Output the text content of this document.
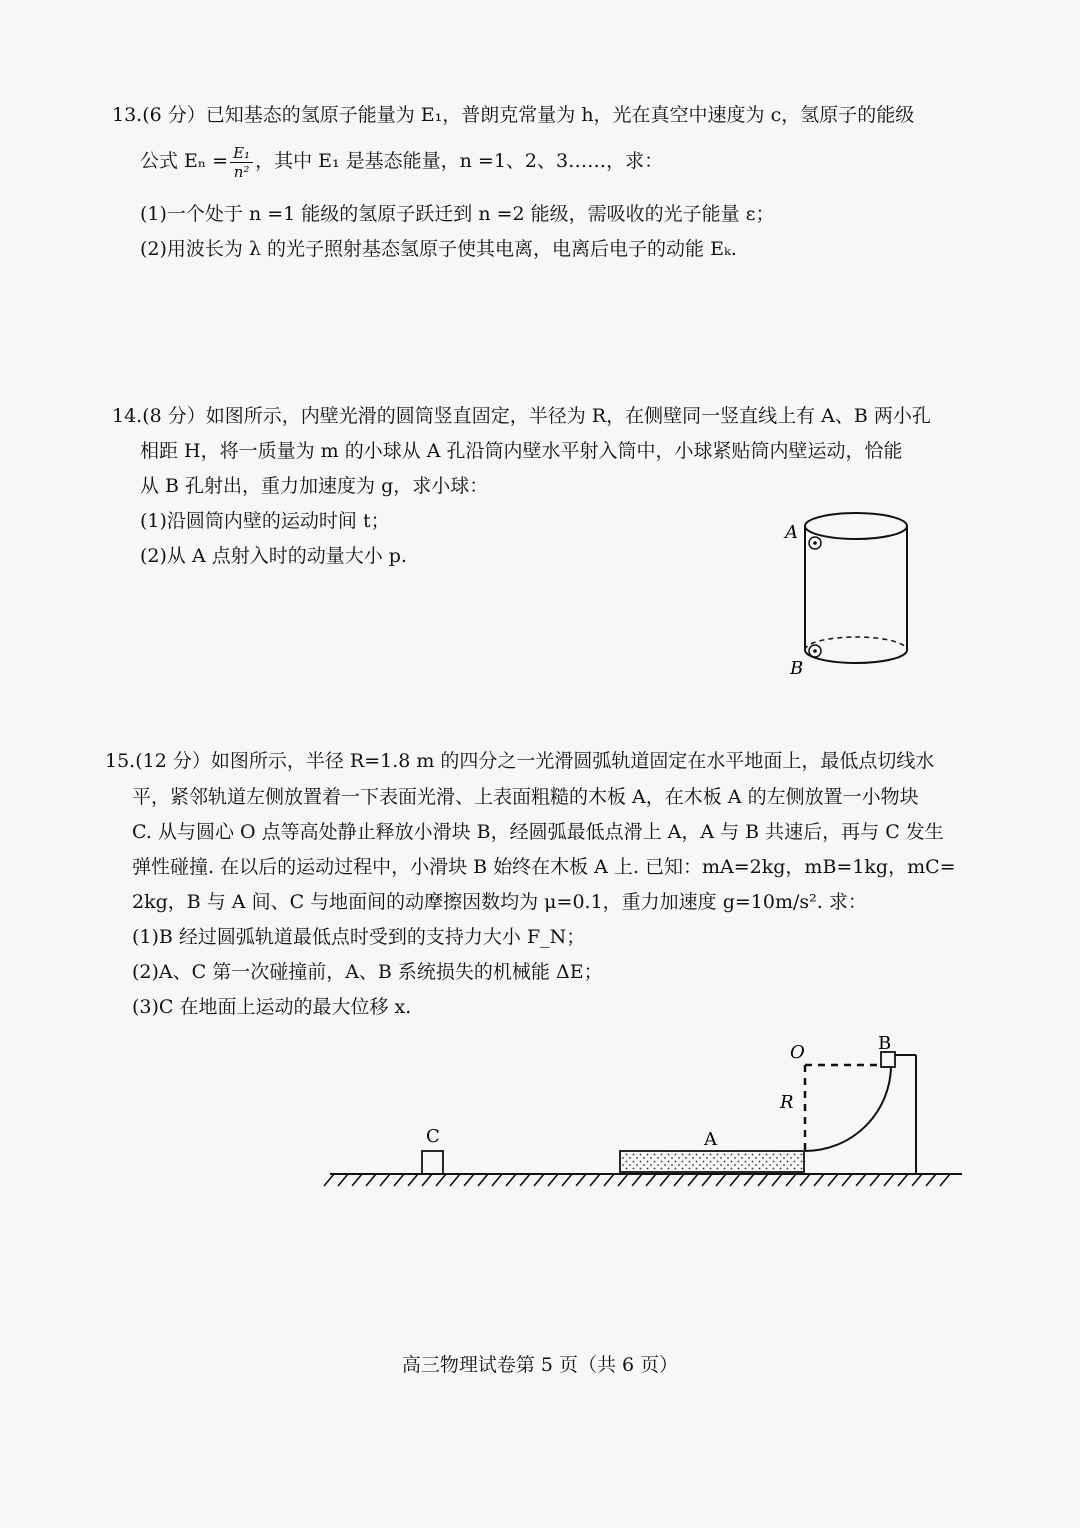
13.(6 分）已知基态的氢原子能量为 E₁，普朗克常量为 h，光在真空中速度为 c，氢原子的能级
公式 $E_n = \frac{\text{E₁}}{\text{n²}}$ ，其中 E₁ 是基态能量，n =1、2、3……，求：
(1)一个处于 n =1 能级的氢原子跃迁到 n =2 能级，需吸收的光子能量 ε；
(2)用波长为 λ 的光子照射基态氢原子使其电离，电离后电子的动能 Eₖ.
14.(8 分）如图所示，内壁光滑的圆筒竖直固定，半径为 R，在侧壁同一竖直线上有 A、B 两小孔
相距 H，将一质量为 m 的小球从 A 孔沿筒内壁水平射入筒中，小球紧贴筒内壁运动，恰能
从 B 孔射出，重力加速度为 g，求小球：
(1)沿圆筒内壁的运动时间 t；
(2)从 A 点射入时的动量大小 p.
A
B
15.(12 分）如图所示，半径 R=1.8 m 的四分之一光滑圆弧轨道固定在水平地面上，最低点切线水
平，紧邻轨道左侧放置着一下表面光滑、上表面粗糙的木板 A，在木板 A 的左侧放置一小物块
C. 从与圆心 O 点等高处静止释放小滑块 B，经圆弧最低点滑上 A，A 与 B 共速后，再与 C 发生
弹性碰撞. 在以后的运动过程中，小滑块 B 始终在木板 A 上. 已知：mA=2kg，mB=1kg，mC=
2kg，B 与 A 间、C 与地面间的动摩擦因数均为 μ=0.1，重力加速度 g=10m/s². 求：
(1)B 经过圆弧轨道最低点时受到的支持力大小 F_N；
(2)A、C 第一次碰撞前，A、B 系统损失的机械能 ΔE；
(3)C 在地面上运动的最大位移 x.
C	A
O
R
B
高三物理试卷第 5 页（共 6 页）
